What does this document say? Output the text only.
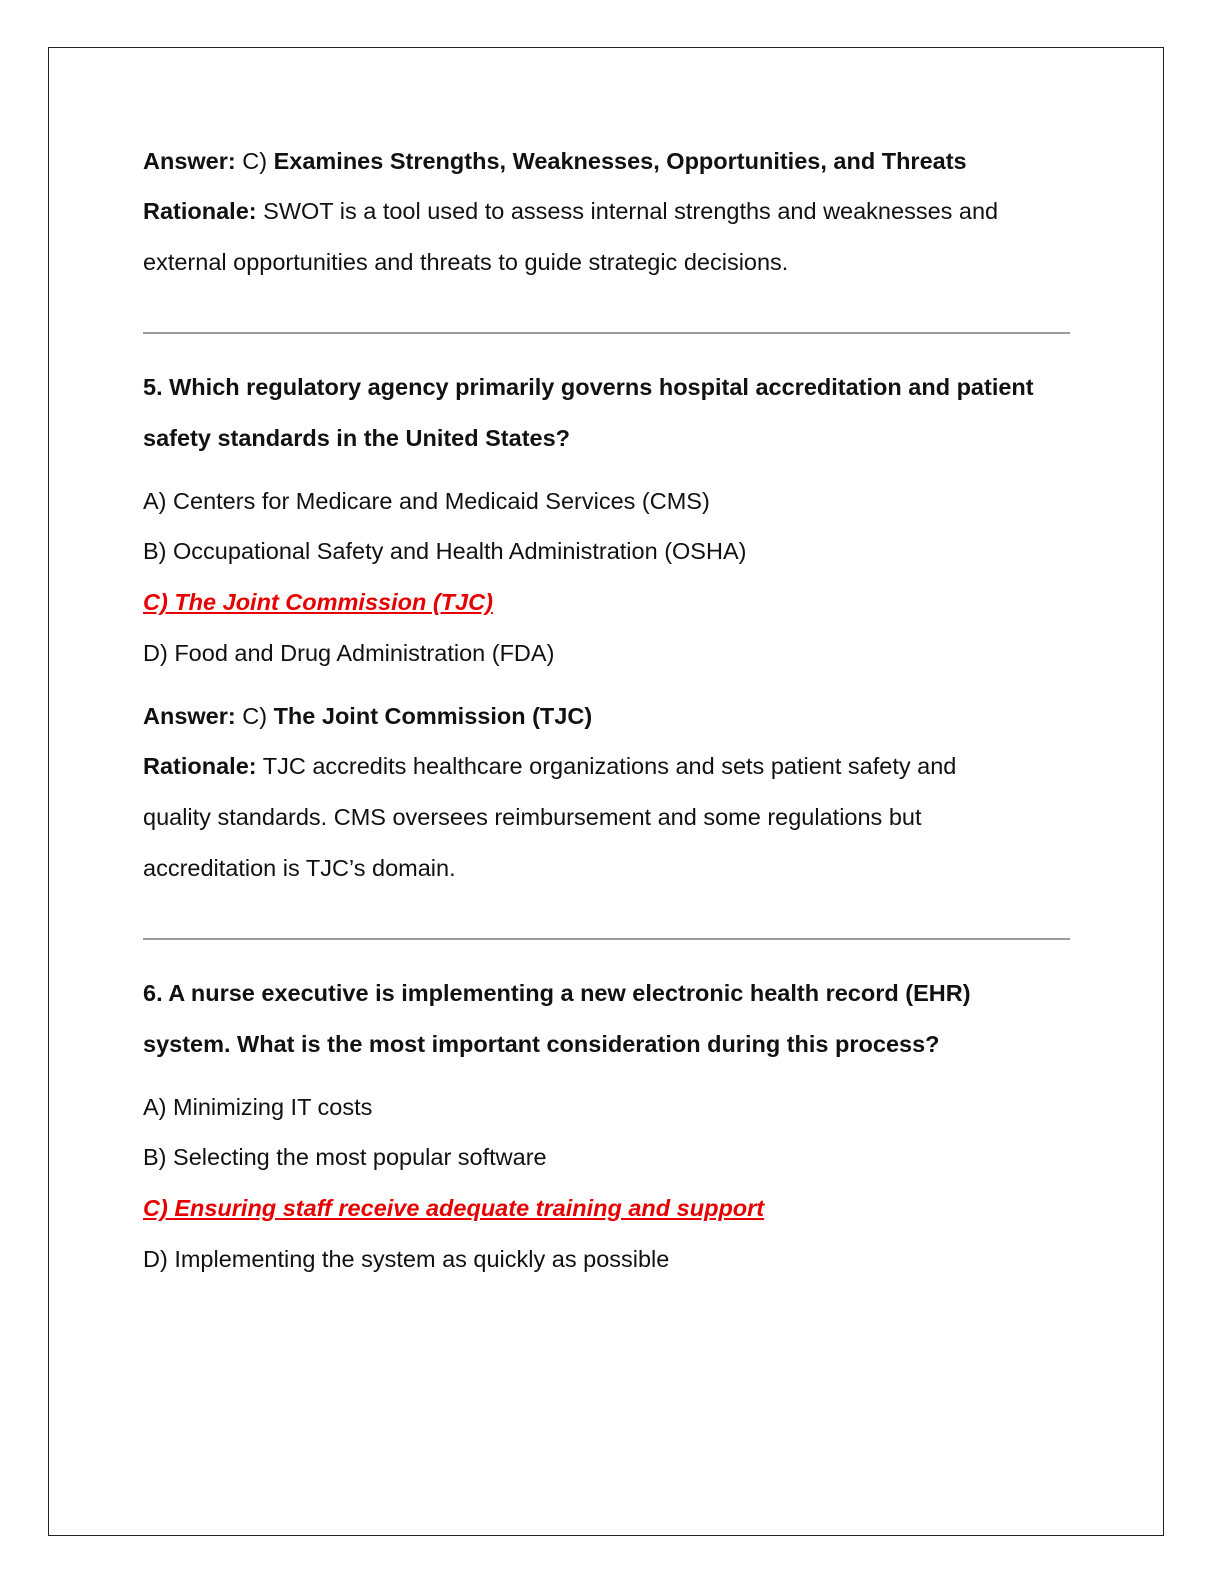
Answer: C) Examines Strengths, Weaknesses, Opportunities, and Threats
Rationale: SWOT is a tool used to assess internal strengths and weaknesses and
external opportunities and threats to guide strategic decisions.
5. Which regulatory agency primarily governs hospital accreditation and patient
safety standards in the United States?
A) Centers for Medicare and Medicaid Services (CMS)
B) Occupational Safety and Health Administration (OSHA)
C) The Joint Commission (TJC)
D) Food and Drug Administration (FDA)
Answer: C) The Joint Commission (TJC)
Rationale: TJC accredits healthcare organizations and sets patient safety and
quality standards. CMS oversees reimbursement and some regulations but
accreditation is TJC’s domain.
6. A nurse executive is implementing a new electronic health record (EHR)
system. What is the most important consideration during this process?
A) Minimizing IT costs
B) Selecting the most popular software
C) Ensuring staff receive adequate training and support
D) Implementing the system as quickly as possible
